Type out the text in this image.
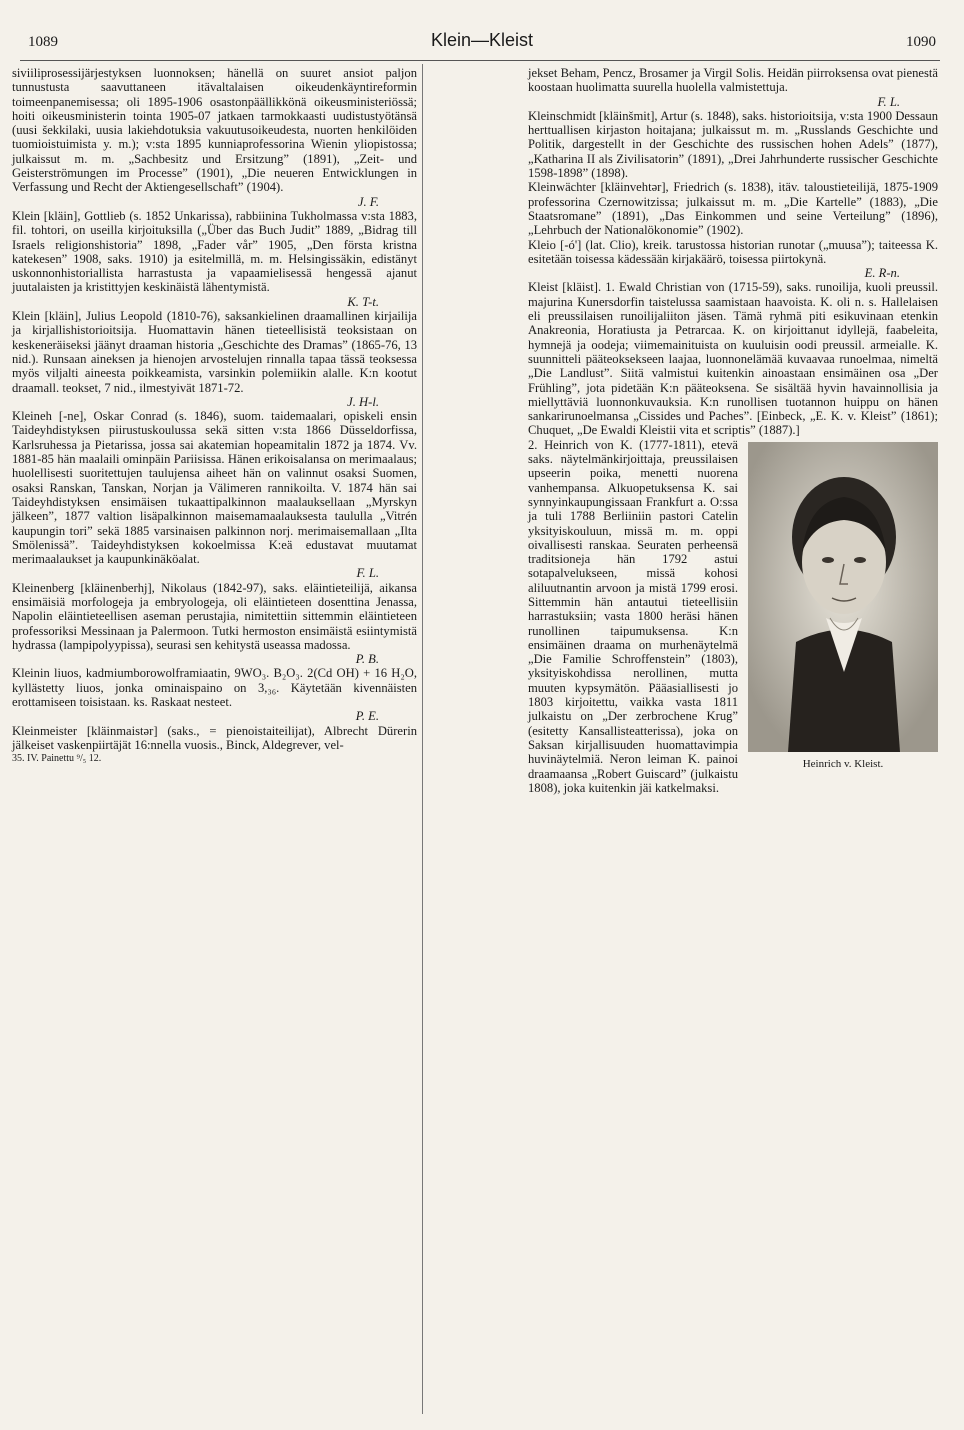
1089	Klein—Kleist	1090

siviiliprosessijärjestyksen luonnoksen; hänellä on suuret ansiot paljon tunnustusta saavuttaneen itävaltalaisen oikeudenkäyntireformin toimeenpanemisessa; oli 1895-1906 osastonpäällikkönä oikeusministeriössä; hoiti oikeusministerin tointa 1905-07 jatkaen tarmokkaasti uudistustyötänsä (uusi šekkilaki, uusia lakiehdotuksia vakuutusoikeudesta, nuorten henkilöiden tuomioistuimista y. m.); v:sta 1895 kunniaprofessorina Wienin yliopistossa; julkaissut m. m. „Sachbesitz und Ersitzung” (1891), „Zeit- und Geisterströmungen im Processe” (1901), „Die neueren Entwicklungen in Verfassung und Recht der Aktiengesellschaft” (1904).

J. F.

Klein [kläin], Gottlieb (s. 1852 Unkarissa), rabbiinina Tukholmassa v:sta 1883, fil. tohtori, on useilla kirjoituksilla („Über das Buch Judit” 1889, „Bidrag till Israels religionshistoria” 1898, „Fader vår” 1905, „Den första kristna katekesen” 1908, saks. 1910) ja esitelmillä, m. m. Helsingissäkin, edistänyt uskonnonhistoriallista harrastusta ja vapaamielisessä hengessä ajanut juutalaisten ja kristittyjen keskinäistä lähentymistä.

K. T-t.

Klein [kläin], Julius Leopold (1810-76), saksankielinen draamallinen kirjailija ja kirjallishistorioitsija. Huomattavin hänen tieteellisistä teoksistaan on keskeneräiseksi jäänyt draaman historia „Geschichte des Dramas” (1865-76, 13 nid.). Runsaan aineksen ja hienojen arvostelujen rinnalla tapaa tässä teoksessa myös viljalti aineesta poikkeamista, varsinkin polemiikin alalle. K:n kootut draamall. teokset, 7 nid., ilmestyivät 1871-72.

J. H-l.

Kleineh [-ne], Oskar Conrad (s. 1846), suom. taidemaalari, opiskeli ensin Taideyhdistyksen piirustuskoulussa sekä sitten v:sta 1866 Düsseldorfissa, Karlsruhessa ja Pietarissa, jossa sai akatemian hopeamitalin 1872 ja 1874. Vv. 1881-85 hän maalaili ominpäin Pariisissa. Hänen erikoisalansa on merimaalaus; huolellisesti suoritettujen taulujensa aiheet hän on valinnut osaksi Suomen, osaksi Ranskan, Tanskan, Norjan ja Välimeren rannikoilta. V. 1874 hän sai Taideyhdistyksen ensimäisen tukaattipalkinnon maalauksellaan „Myrskyn jälkeen”, 1877 valtion lisäpalkinnon maisemamaalauksesta taululla „Vitrén kaupungin tori” sekä 1885 varsinaisen palkinnon norj. merimaisemallaan „Ilta Smölenissä”. Taideyhdistyksen kokoelmissa K:eä edustavat muutamat merimaalaukset ja kaupunkinäköalat.

F. L.

Kleinenberg [kläinenberhj], Nikolaus (1842-97), saks. eläintieteilijä, aikansa ensimäisiä morfologeja ja embryologeja, oli eläintieteen dosenttina Jenassa, Napolin eläintieteellisen aseman perustajia, nimitettiin sittemmin eläintieteen professoriksi Messinaan ja Palermoon. Tutki hermoston ensimäistä esiintymistä hydrassa (lampipolyypissa), seurasi sen kehitystä useassa madossa.

P. B.

Kleinin liuos, kadmiumborowolframiaatin, 9WO₃. B₂O₃. 2(Cd OH) + 16 H₂O, kyllästetty liuos, jonka ominaispaino on 3,₃₆. Käytetään kivennäisten erottamiseen toisistaan. ks. Raskaat nesteet.

P. E.

Kleinmeister [kläinmaistər] (saks., = pienoistaiteilijat), Albrecht Dürerin jälkeiset vaskenpiirtäjät 16:nnella vuosis., Binck, Aldegrever, vel-

35. IV. Painettu ⁹/₅ 12.

jekset Beham, Pencz, Brosamer ja Virgil Solis. Heidän piirroksensa ovat pienestä koostaan huolimatta suurella huolella valmistettuja.

F. L.

Kleinschmidt [kläinšmit], Artur (s. 1848), saks. historioitsija, v:sta 1900 Dessaun herttuallisen kirjaston hoitajana; julkaissut m. m. „Russlands Geschichte und Politik, dargestellt in der Geschichte des russischen hohen Adels” (1877), „Katharina II als Zivilisatorin” (1891), „Drei Jahrhunderte russischer Geschichte 1598-1898” (1898).

Kleinwächter [kläinvehtər], Friedrich (s. 1838), itäv. taloustieteilijä, 1875-1909 professorina Czernowitzissa; julkaissut m. m. „Die Kartelle” (1883), „Die Staatsromane” (1891), „Das Einkommen und seine Verteilung” (1896), „Lehrbuch der Nationalökonomie” (1902).

Kleio [-ó'] (lat. Clio), kreik. tarustossa historian runotar („muusa”); taiteessa K. esitetään toisessa kädessään kirjakäärö, toisessa piirtokynä.

E. R-n.

Kleist [kläist]. 1. Ewald Christian von (1715-59), saks. runoilija, kuoli preussil. majurina Kunersdorfin taistelussa saamistaan haavoista. K. oli n. s. Hallelaisen eli preussilaisen runoilijaliiton jäsen. Tämä ryhmä piti esikuvinaan etenkin Anakreonia, Horatiusta ja Petrarcaa. K. on kirjoittanut idyllejä, faabeleita, hymnejä ja oodeja; viimemainituista on kuuluisin oodi preussil. armeialle. K. suunnitteli pääteoksekseen laajaa, luonnonelämää kuvaavaa runoelmaa, nimeltä „Die Landlust”. Siitä valmistui kuitenkin ainoastaan ensimäinen osa „Der Frühling”, jota pidetään K:n pääteoksena. Se sisältää hyvin havainnollisia ja miellyttäviä luonnonkuvauksia. K:n runollisen tuotannon huippu on hänen sankarirunoelmansa „Cissides und Paches”. [Einbeck, „E. K. v. Kleist” (1861); Chuquet, „De Ewaldi Kleistii vita et scriptis” (1887).]

Heinrich v. Kleist.

2. Heinrich von K. (1777-1811), etevä saks. näytelmänkirjoittaja, preussilaisen upseerin poika, menetti nuorena vanhempansa. Alkuopetuksensa K. sai synnyinkaupungissaan Frankfurt a. O:ssa ja tuli 1788 Berliiniin pastori Catelin yksityiskouluun, missä m. m. oppi oivallisesti ranskaa. Seuraten perheensä traditsioneja hän 1792 astui sotapalvelukseen, missä kohosi aliluutnantin arvoon ja mistä 1799 erosi. Sittemmin hän antautui tieteellisiin harrastuksiin; vasta 1800 heräsi hänen runollinen taipumuksensa. K:n ensimäinen draama on murhenäytelmä „Die Familie Schroffenstein” (1803), yksityiskohdissa nerollinen, mutta muuten kypsymätön. Pääasiallisesti jo 1803 kirjoitettu, vaikka vasta 1811 julkaistu on „Der zerbrochene Krug” (esitetty Kansallisteatterissa), joka on Saksan kirjallisuuden huomattavimpia huvinäytelmiä. Neron leiman K. painoi draamaansa „Robert Guiscard” (julkaistu 1808), joka kuitenkin jäi katkelmaksi.
